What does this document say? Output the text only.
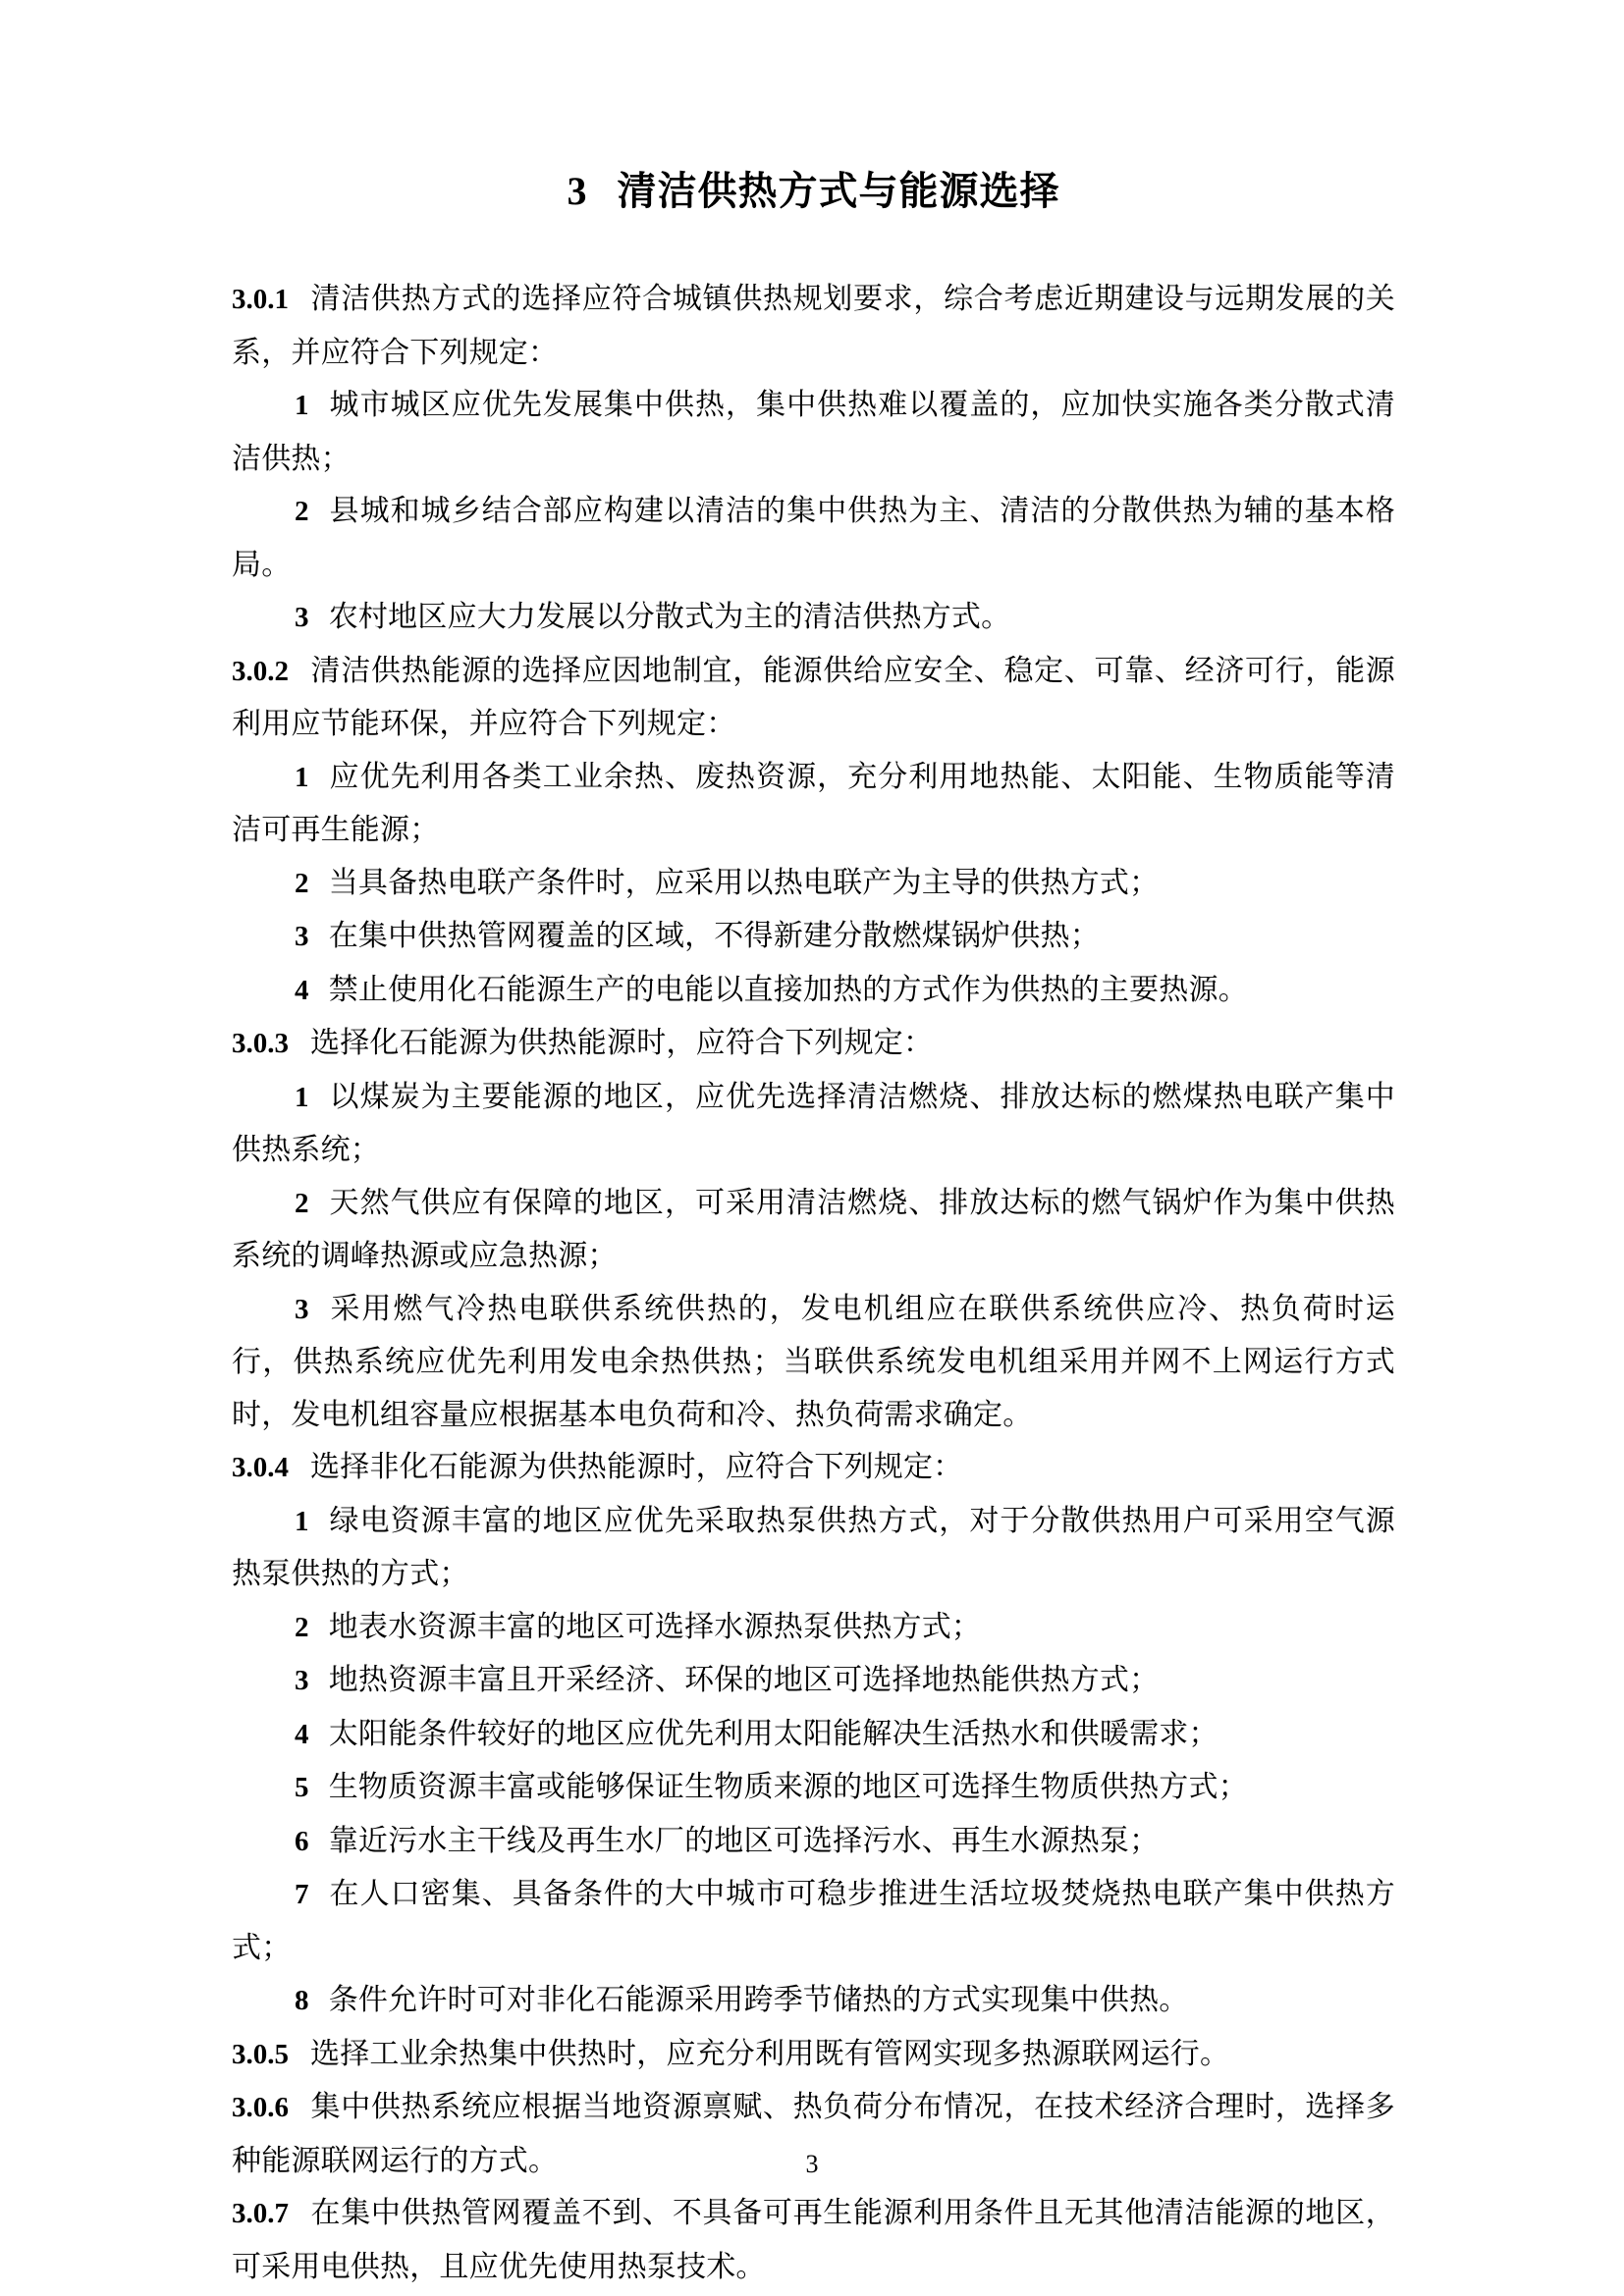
3 清洁供热方式与能源选择

3.0.1 清洁供热方式的选择应符合城镇供热规划要求，综合考虑近期建设与远期发展的关系，并应符合下列规定：

1 城市城区应优先发展集中供热，集中供热难以覆盖的，应加快实施各类分散式清洁供热；

2 县城和城乡结合部应构建以清洁的集中供热为主、清洁的分散供热为辅的基本格局。

3 农村地区应大力发展以分散式为主的清洁供热方式。

3.0.2 清洁供热能源的选择应因地制宜，能源供给应安全、稳定、可靠、经济可行，能源利用应节能环保，并应符合下列规定：

1 应优先利用各类工业余热、废热资源，充分利用地热能、太阳能、生物质能等清洁可再生能源；

2 当具备热电联产条件时，应采用以热电联产为主导的供热方式；

3 在集中供热管网覆盖的区域，不得新建分散燃煤锅炉供热；

4 禁止使用化石能源生产的电能以直接加热的方式作为供热的主要热源。

3.0.3 选择化石能源为供热能源时，应符合下列规定：

1 以煤炭为主要能源的地区，应优先选择清洁燃烧、排放达标的燃煤热电联产集中供热系统；

2 天然气供应有保障的地区，可采用清洁燃烧、排放达标的燃气锅炉作为集中供热系统的调峰热源或应急热源；

3 采用燃气冷热电联供系统供热的，发电机组应在联供系统供应冷、热负荷时运行，供热系统应优先利用发电余热供热；当联供系统发电机组采用并网不上网运行方式时，发电机组容量应根据基本电负荷和冷、热负荷需求确定。

3.0.4 选择非化石能源为供热能源时，应符合下列规定：

1 绿电资源丰富的地区应优先采取热泵供热方式，对于分散供热用户可采用空气源热泵供热的方式；

2 地表水资源丰富的地区可选择水源热泵供热方式；

3 地热资源丰富且开采经济、环保的地区可选择地热能供热方式；

4 太阳能条件较好的地区应优先利用太阳能解决生活热水和供暖需求；

5 生物质资源丰富或能够保证生物质来源的地区可选择生物质供热方式；

6 靠近污水主干线及再生水厂的地区可选择污水、再生水源热泵；

7 在人口密集、具备条件的大中城市可稳步推进生活垃圾焚烧热电联产集中供热方式；

8 条件允许时可对非化石能源采用跨季节储热的方式实现集中供热。

3.0.5 选择工业余热集中供热时，应充分利用既有管网实现多热源联网运行。

3.0.6 集中供热系统应根据当地资源禀赋、热负荷分布情况，在技术经济合理时，选择多种能源联网运行的方式。

3.0.7 在集中供热管网覆盖不到、不具备可再生能源利用条件且无其他清洁能源的地区，可采用电供热，且应优先使用热泵技术。

3
